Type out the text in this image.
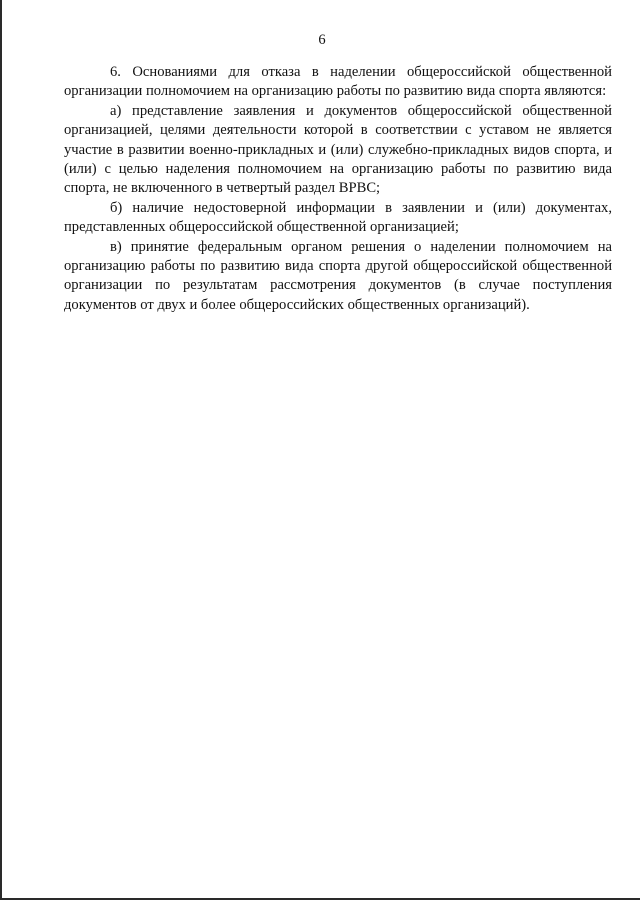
6

6. Основаниями для отказа в наделении общероссийской общественной организации полномочием на организацию работы по развитию вида спорта являются:

а) представление заявления и документов общероссийской общественной организацией, целями деятельности которой в соответствии с уставом не является участие в развитии военно-прикладных и (или) служебно-прикладных видов спорта, и (или) с целью наделения полномочием на организацию работы по развитию вида спорта, не включенного в четвертый раздел ВРВС;

б) наличие недостоверной информации в заявлении и (или) документах, представленных общероссийской общественной организацией;

в) принятие федеральным органом решения о наделении полномочием на организацию работы по развитию вида спорта другой общероссийской общественной организации по результатам рассмотрения документов (в случае поступления документов от двух и более общероссийских общественных организаций).
